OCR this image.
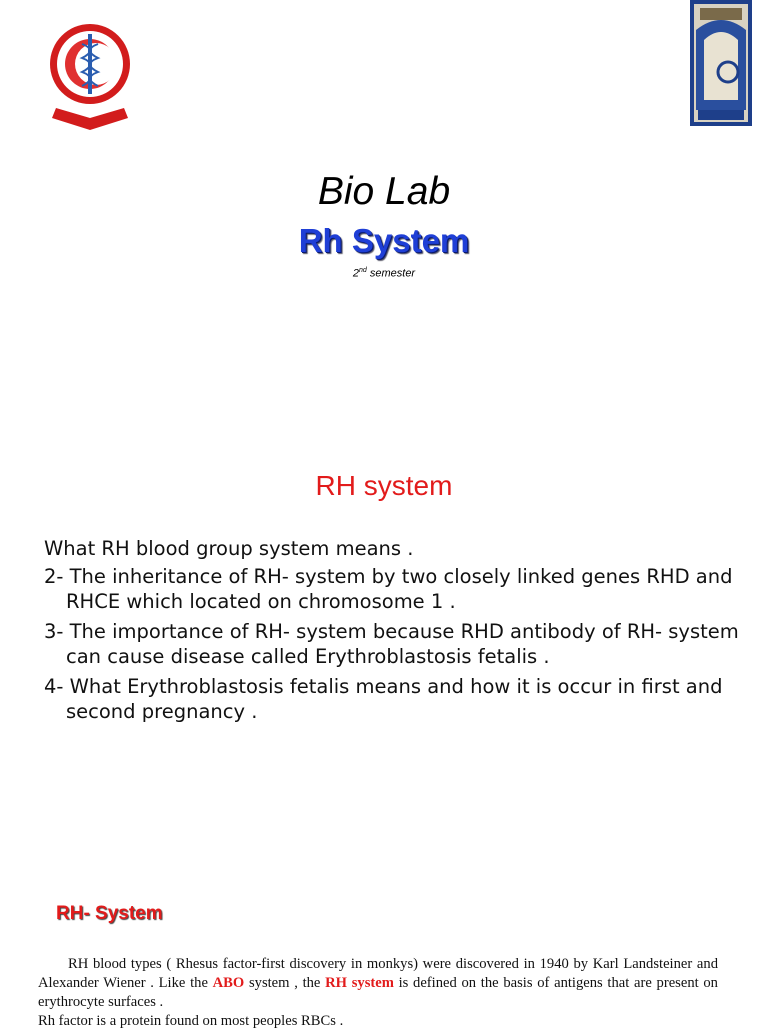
Bio Lab
Rh System
2nd semester
RH system
What RH blood group system means .
2- The inheritance of RH- system by two closely linked genes RHD and RHCE which located on chromosome 1 .
3- The importance of RH- system because RHD antibody of RH- system can cause disease called Erythroblastosis fetalis .
4- What Erythroblastosis fetalis means and how it is occur in first and second pregnancy .
RH- System

RH blood types ( Rhesus factor-first discovery in monkys) were discovered in 1940 by Karl Landsteiner and Alexander Wiener . Like the ABO system , the RH system is defined on the basis of antigens that are present on erythrocyte surfaces .

Rh factor is a protein found on most peoples RBCs .
